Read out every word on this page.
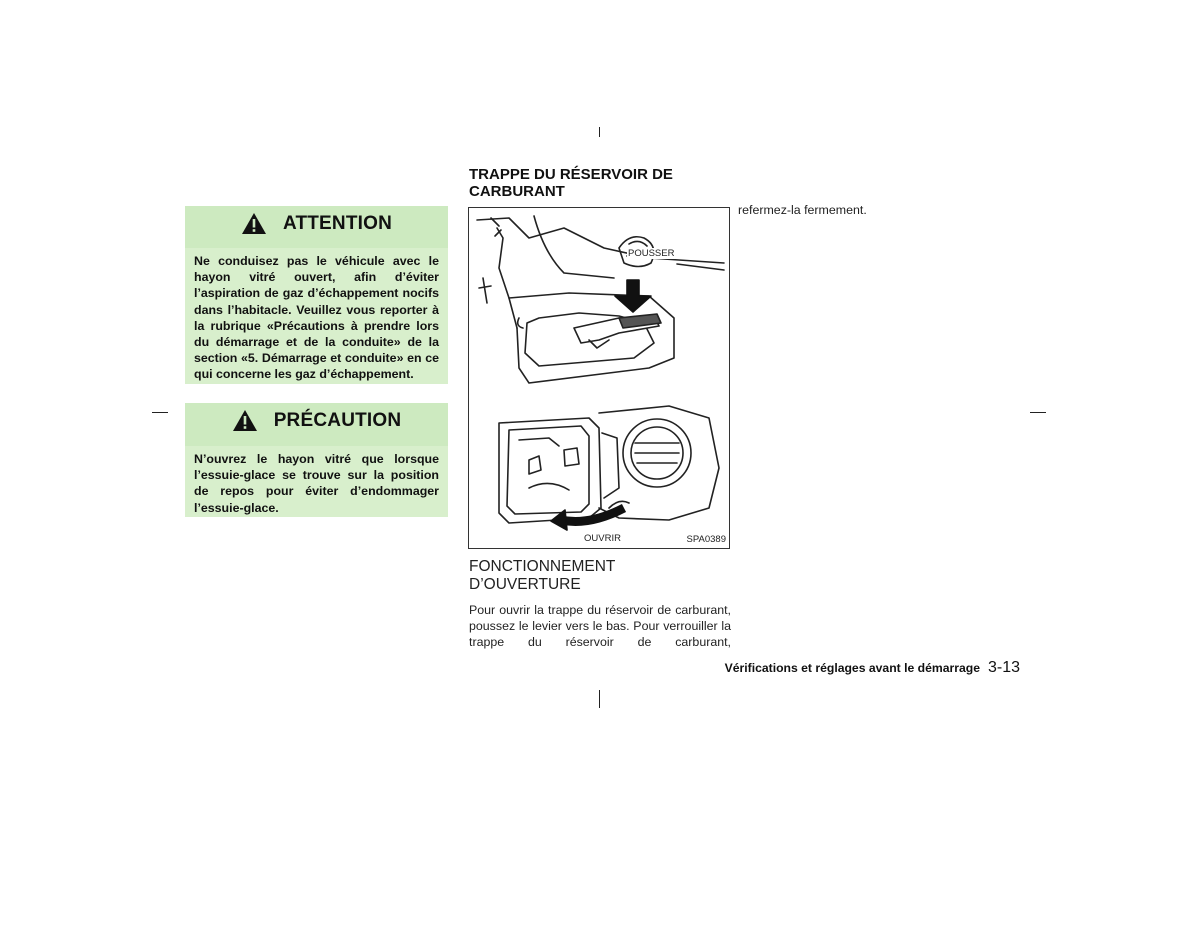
ATTENTION
Ne conduisez pas le véhicule avec le hayon vitré ouvert, afin d’éviter l’aspiration de gaz d’échappement nocifs dans l’habitacle. Veuillez vous reporter à la rubrique «Précautions à prendre lors du démarrage et de la conduite» de la section «5. Démarrage et conduite» en ce qui concerne les gaz d’échappement.
PRÉCAUTION
N’ouvrez le hayon vitré que lorsque l’essuie-glace se trouve sur la position de repos pour éviter d’endommager l’essuie-glace.
TRAPPE DU RÉSERVOIR DE
CARBURANT
POUSSER
OUVRIR	SPA0389
FONCTIONNEMENT
D’OUVERTURE
Pour ouvrir la trappe du réservoir de carburant, poussez le levier vers le bas. Pour verrouiller la trappe du réservoir de carburant,
refermez-la fermement.
Vérifications et réglages avant le démarrage 3-13
